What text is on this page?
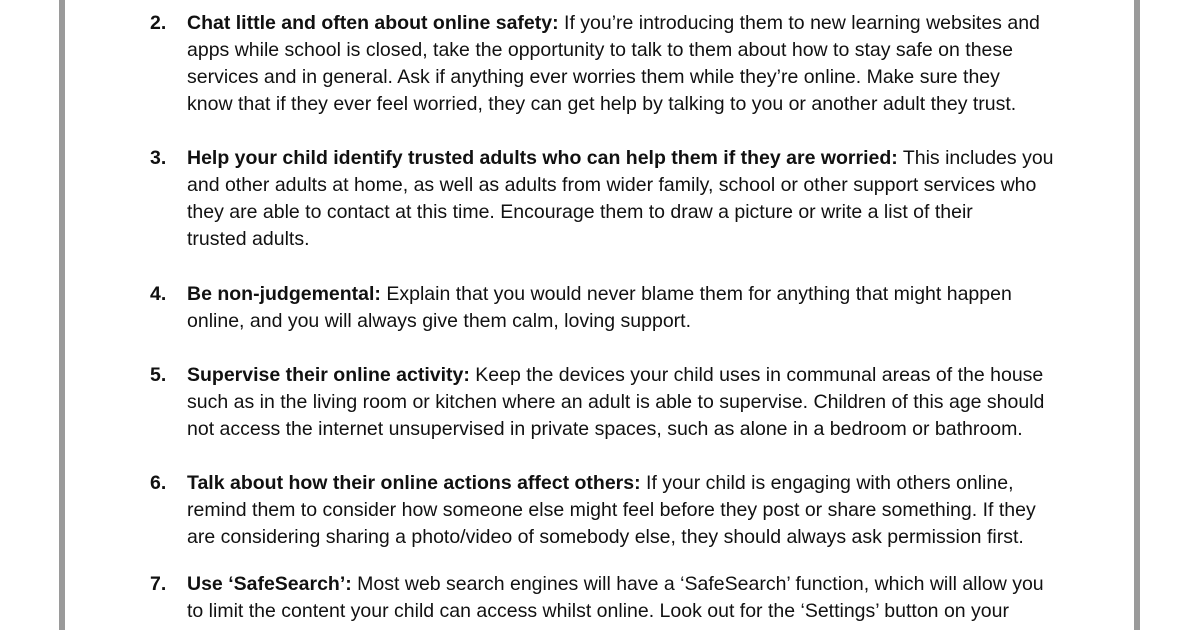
2. Chat little and often about online safety: If you’re introducing them to new learning websites and
apps while school is closed, take the opportunity to talk to them about how to stay safe on these
services and in general. Ask if anything ever worries them while they’re online. Make sure they
know that if they ever feel worried, they can get help by talking to you or another adult they trust.
3. Help your child identify trusted adults who can help them if they are worried: This includes you
and other adults at home, as well as adults from wider family, school or other support services who
they are able to contact at this time. Encourage them to draw a picture or write a list of their
trusted adults.
4. Be non-judgemental: Explain that you would never blame them for anything that might happen
online, and you will always give them calm, loving support.
5. Supervise their online activity: Keep the devices your child uses in communal areas of the house
such as in the living room or kitchen where an adult is able to supervise. Children of this age should
not access the internet unsupervised in private spaces, such as alone in a bedroom or bathroom.
6. Talk about how their online actions affect others: If your child is engaging with others online,
remind them to consider how someone else might feel before they post or share something. If they
are considering sharing a photo/video of somebody else, they should always ask permission first.
7. Use ‘SafeSearch’: Most web search engines will have a ‘SafeSearch’ function, which will allow you
to limit the content your child can access whilst online. Look out for the ‘Settings’ button on your
